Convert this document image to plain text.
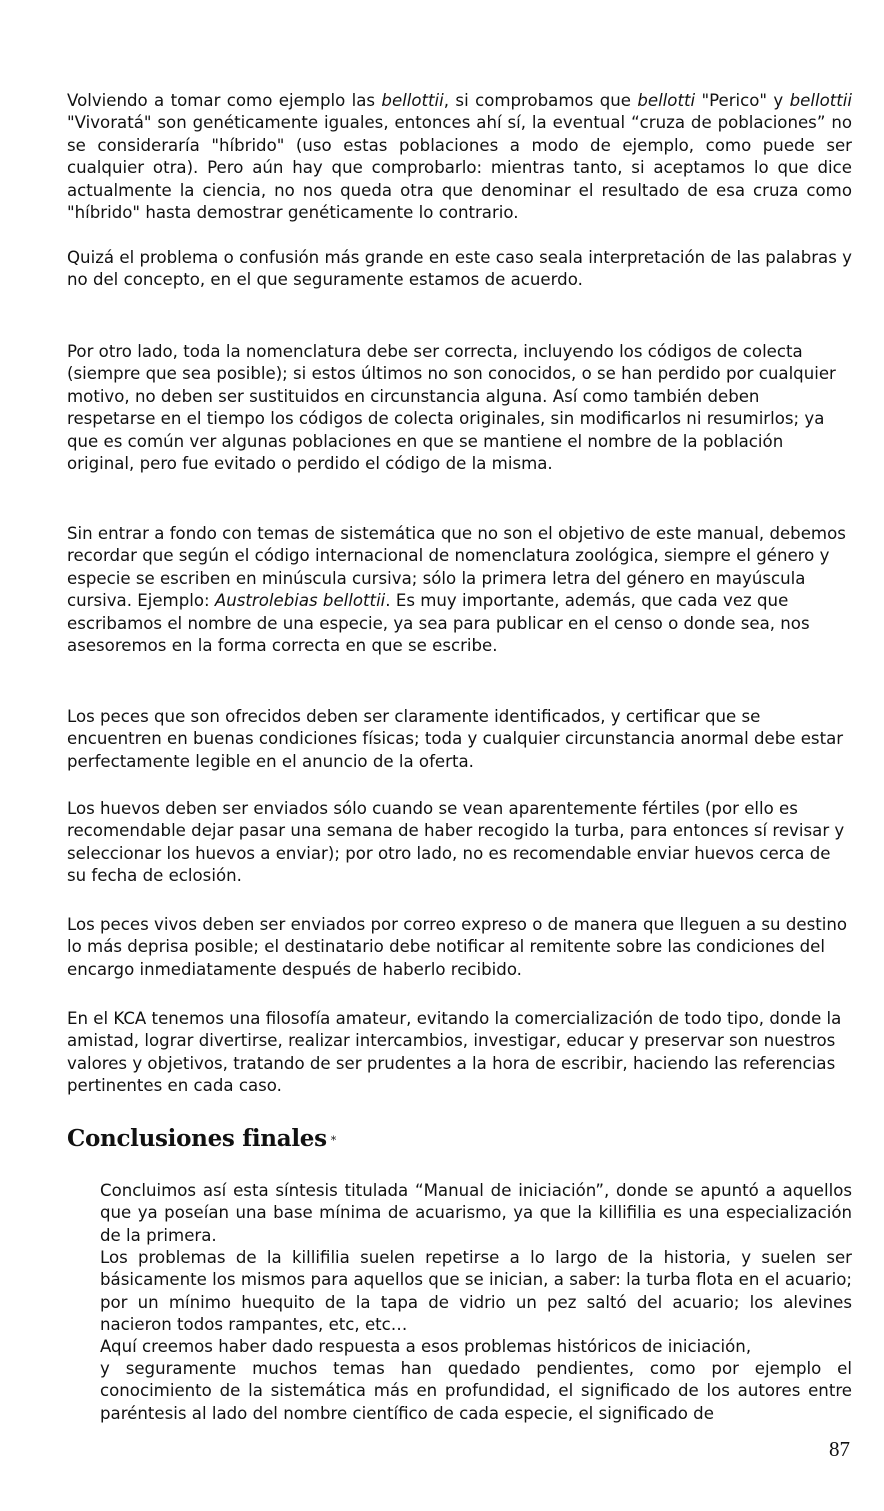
Volviendo a tomar como ejemplo las bellottii, si comprobamos que bellotti "Perico" y bellottii "Vivoratá" son genéticamente iguales, entonces ahí sí, la eventual “cruza de poblaciones” no se consideraría "híbrido" (uso estas poblaciones a modo de ejemplo, como puede ser cualquier otra). Pero aún hay que comprobarlo: mientras tanto, si aceptamos lo que dice actualmente la ciencia, no nos queda otra que denominar el resultado de esa cruza como "híbrido" hasta demostrar genéticamente lo contrario.

Quizá el problema o confusión más grande en este caso seala interpretación de las palabras y no del concepto, en el que seguramente estamos de acuerdo.

Por otro lado, toda la nomenclatura debe ser correcta, incluyendo los códigos de colecta (siempre que sea posible); si estos últimos no son conocidos, o se han perdido por cualquier motivo, no deben ser sustituidos en circunstancia alguna. Así como también deben respetarse en el tiempo los códigos de colecta originales, sin modificarlos ni resumirlos; ya que es común ver algunas poblaciones en que se mantiene el nombre de la población original, pero fue evitado o perdido el código de la misma.

Sin entrar a fondo con temas de sistemática que no son el objetivo de este manual, debemos recordar que según el código internacional de nomenclatura zoológica, siempre el género y especie se escriben en minúscula cursiva; sólo la primera letra del género en mayúscula cursiva. Ejemplo: Austrolebias bellottii. Es muy importante, además, que cada vez que escribamos el nombre de una especie, ya sea para publicar en el censo o donde sea, nos asesoremos en la forma correcta en que se escribe.

Los peces que son ofrecidos deben ser claramente identificados, y certificar que se encuentren en buenas condiciones físicas; toda y cualquier circunstancia anormal debe estar perfectamente legible en el anuncio de la oferta.

Los huevos deben ser enviados sólo cuando se vean aparentemente fértiles (por ello es recomendable dejar pasar una semana de haber recogido la turba, para entonces sí revisar y seleccionar los huevos a enviar); por otro lado, no es recomendable enviar huevos cerca de su fecha de eclosión.

Los peces vivos deben ser enviados por correo expreso o de manera que lleguen a su destino lo más deprisa posible; el destinatario debe notificar al remitente sobre las condiciones del encargo inmediatamente después de haberlo recibido.

En el KCA tenemos una filosofía amateur, evitando la comercialización de todo tipo, donde la amistad, lograr divertirse, realizar intercambios, investigar, educar y preservar son nuestros valores y objetivos, tratando de ser prudentes a la hora de escribir, haciendo las referencias pertinentes en cada caso.

Conclusiones finales *

Concluimos así esta síntesis titulada “Manual de iniciación”, donde se apuntó a aquellos que ya poseían una base mínima de acuarismo, ya que la killifilia es una especialización de la primera.

Los problemas de la killifilia suelen repetirse a lo largo de la historia, y suelen ser básicamente los mismos para aquellos que se inician, a saber: la turba flota en el acuario; por un mínimo huequito de la tapa de vidrio un pez saltó del acuario; los alevines nacieron todos rampantes, etc, etc…

Aquí creemos haber dado respuesta a esos problemas históricos de iniciación,

y seguramente muchos temas han quedado pendientes, como por ejemplo el conocimiento de la sistemática más en profundidad, el significado de los autores entre paréntesis al lado del nombre científico de cada especie, el significado de

87
